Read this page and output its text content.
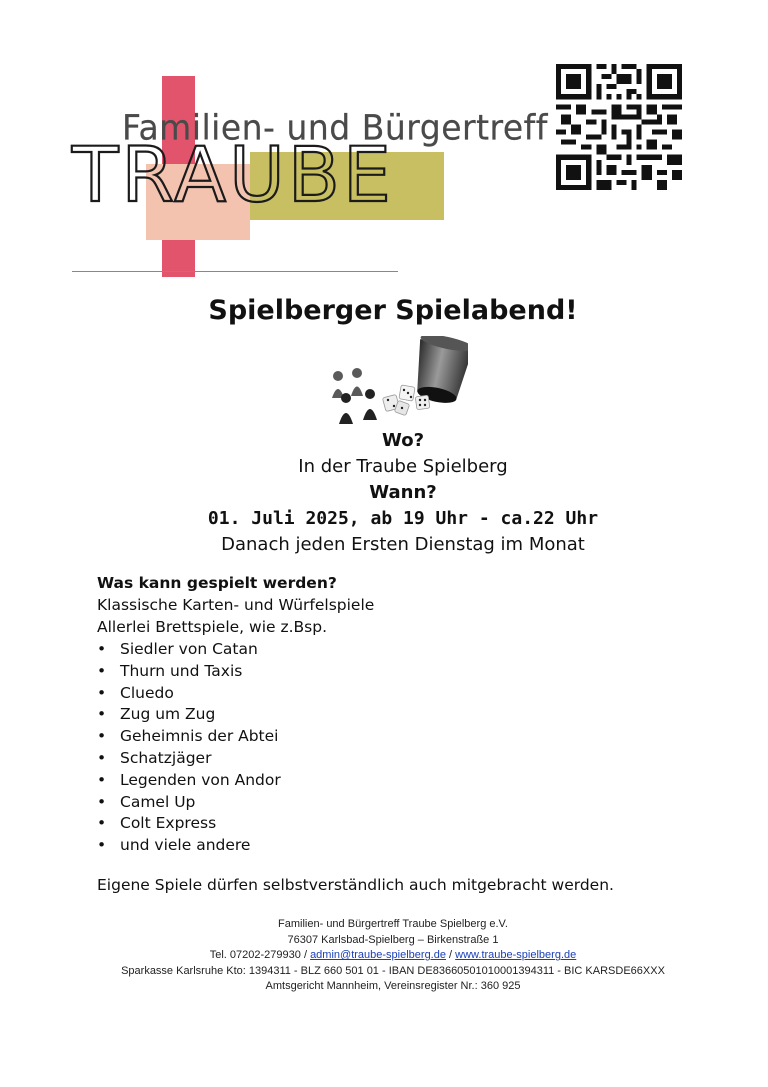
Familien- und Bürgertreff
TRAUBE
Spielberger Spielabend!
Wo?
In der Traube Spielberg
Wann?
01. Juli 2025, ab 19 Uhr - ca.22 Uhr
Danach jeden Ersten Dienstag im Monat
Was kann gespielt werden?
Klassische Karten- und Würfelspiele
Allerlei Brettspiele, wie z.Bsp.
• Siedler von Catan
• Thurn und Taxis
• Cluedo
• Zug um Zug
• Geheimnis der Abtei
• Schatzjäger
• Legenden von Andor
• Camel Up
• Colt Express
• und viele andere
Eigene Spiele dürfen selbstverständlich auch mitgebracht werden.
Familien- und Bürgertreff Traube Spielberg e.V.
76307 Karlsbad-Spielberg – Birkenstraße 1
Tel. 07202-279930 / admin@traube-spielberg.de / www.traube-spielberg.de
Sparkasse Karlsruhe Kto: 1394311 - BLZ 660 501 01 - IBAN DE83660501010001394311 - BIC KARSDE66XXX
Amtsgericht Mannheim, Vereinsregister Nr.: 360 925
